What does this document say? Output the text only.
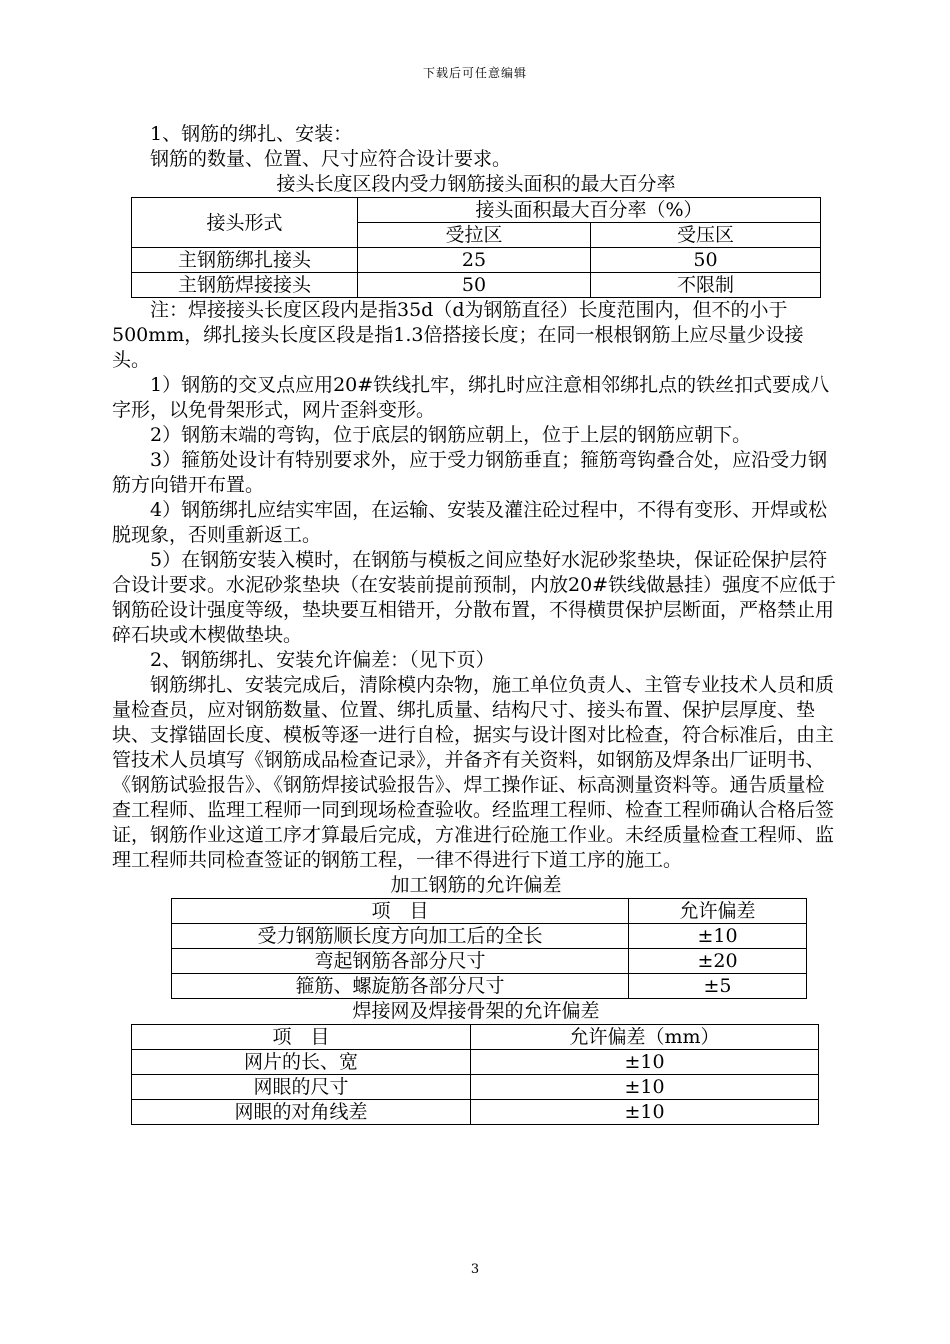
下载后可任意编辑

1、钢筋的绑扎、安装：

钢筋的数量、位置、尺寸应符合设计要求。

接头长度区段内受力钢筋接头面积的最大百分率

接头形式	接头面积最大百分率（%）	
	受拉区	受压区
主钢筋绑扎接头	25	50
主钢筋焊接接头	50	不限制

注：焊接接头长度区段内是指35d（d为钢筋直径）长度范围内，但不的小于500mm，绑扎接头长度区段是指1.3倍搭接长度；在同一根根钢筋上应尽量少设接头。

1）钢筋的交叉点应用20#铁线扎牢，绑扎时应注意相邻绑扎点的铁丝扣式要成八字形，以免骨架形式，网片歪斜变形。

2）钢筋末端的弯钩，位于底层的钢筋应朝上，位于上层的钢筋应朝下。

3）箍筋处设计有特别要求外，应于受力钢筋垂直；箍筋弯钩叠合处，应沿受力钢筋方向错开布置。

4）钢筋绑扎应结实牢固，在运输、安装及灌注砼过程中，不得有变形、开焊或松脱现象，否则重新返工。

5）在钢筋安装入模时，在钢筋与模板之间应垫好水泥砂浆垫块，保证砼保护层符合设计要求。水泥砂浆垫块（在安装前提前预制，内放20#铁线做悬挂）强度不应低于钢筋砼设计强度等级，垫块要互相错开，分散布置，不得横贯保护层断面，严格禁止用碎石块或木楔做垫块。

2、钢筋绑扎、安装允许偏差：（见下页）

钢筋绑扎、安装完成后，清除模内杂物，施工单位负责人、主管专业技术人员和质量检查员，应对钢筋数量、位置、绑扎质量、结构尺寸、接头布置、保护层厚度、垫块、支撑锚固长度、模板等逐一进行自检，据实与设计图对比检查，符合标准后，由主管技术人员填写《钢筋成品检查记录》，并备齐有关资料，如钢筋及焊条出厂证明书、《钢筋试验报告》、《钢筋焊接试验报告》、焊工操作证、标高测量资料等。通告质量检查工程师、监理工程师一同到现场检查验收。经监理工程师、检查工程师确认合格后签证，钢筋作业这道工序才算最后完成，方准进行砼施工作业。未经质量检查工程师、监理工程师共同检查签证的钢筋工程，一律不得进行下道工序的施工。

加工钢筋的允许偏差

项　目	允许偏差
受力钢筋顺长度方向加工后的全长	±10
弯起钢筋各部分尺寸	±20
箍筋、螺旋筋各部分尺寸	±5

焊接网及焊接骨架的允许偏差

项　目	允许偏差（mm）
网片的长、宽	±10
网眼的尺寸	±10
网眼的对角线差	±10
3
